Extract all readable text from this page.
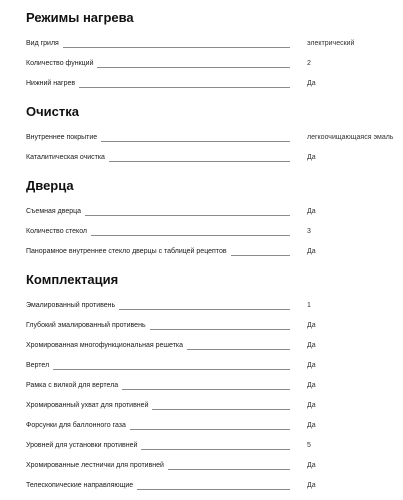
Режимы нагрева
Вид гриля	электрический
Количество функций	2
Нижний нагрев	Да
Очистка
Внутреннее покрытие	легкоочищающаяся эмаль
Каталитическая очистка	Да
Дверца
Съемная дверца	Да
Количество стекол	3
Панорамное внутреннее стекло дверцы с таблицей рецептов	Да
Комплектация
Эмалированный противень	1
Глубокий эмалированный противень	Да
Хромированная многофункциональная решетка	Да
Вертел	Да
Рамка с вилкой для вертела	Да
Хромированный ухват для противней	Да
Форсунки для баллонного газа	Да
Уровней для установки противней	5
Хромированные лестнички для противней	Да
Телескопические направляющие	Да
